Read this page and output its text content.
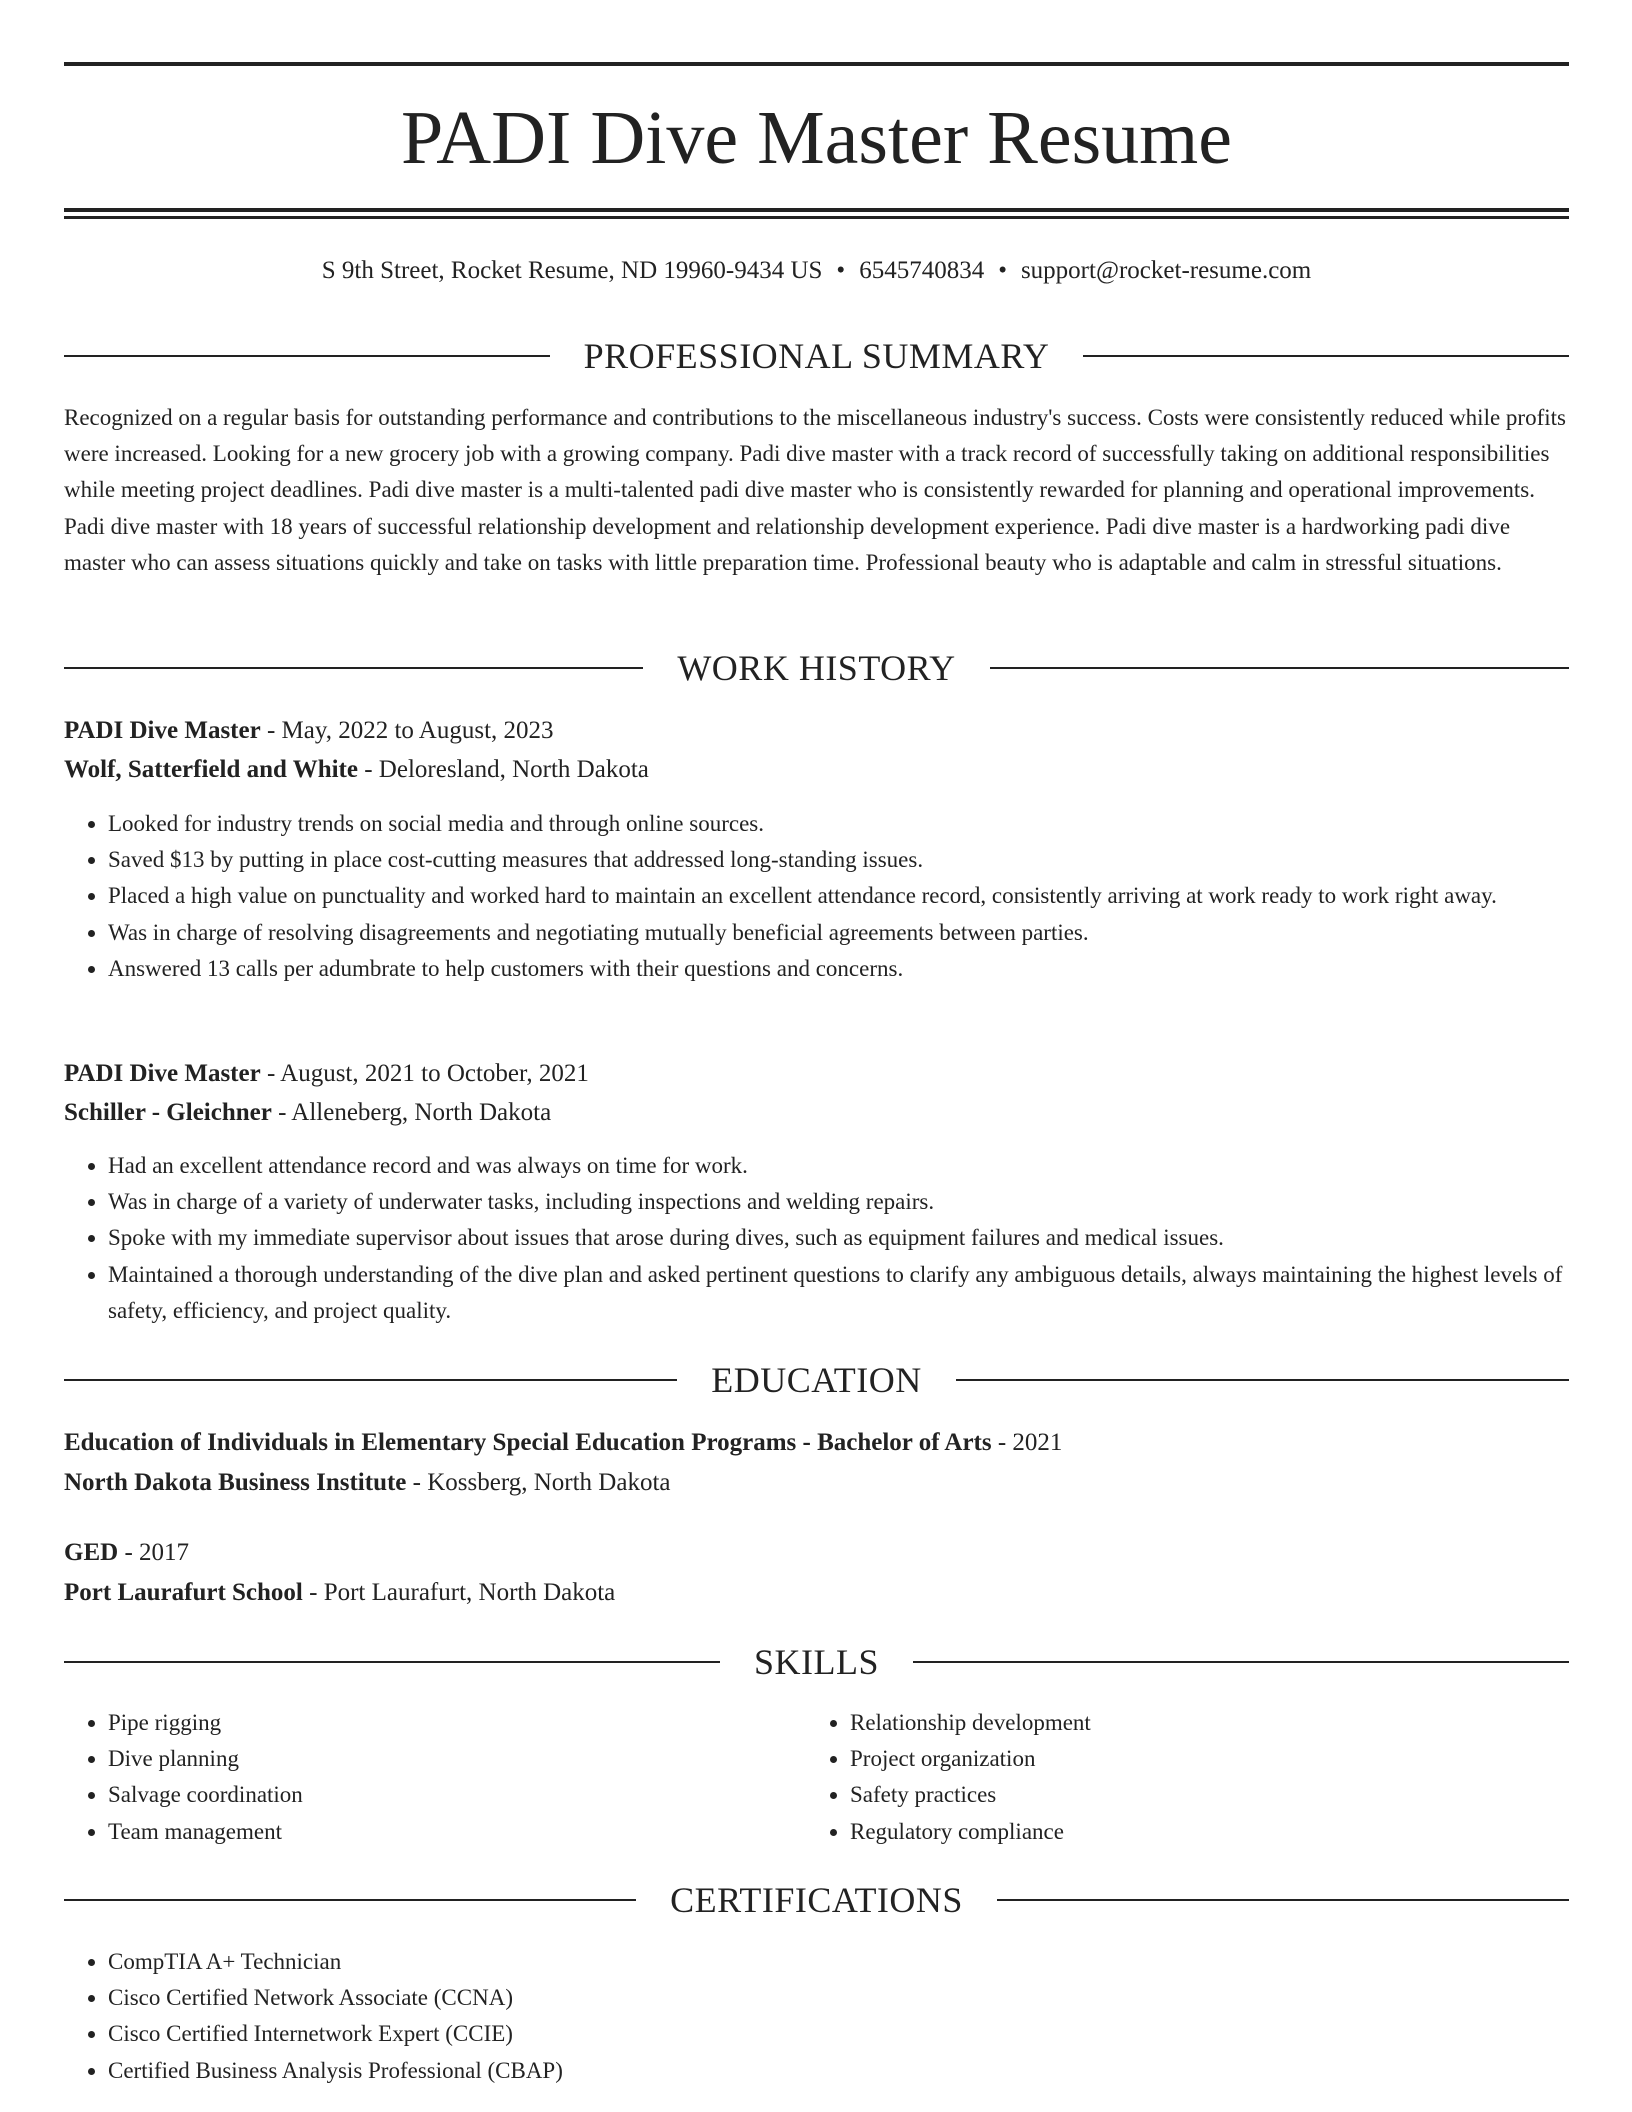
PADI Dive Master Resume
S 9th Street, Rocket Resume, ND 19960-9434 US • 6545740834 • support@rocket-resume.com
PROFESSIONAL SUMMARY

Recognized on a regular basis for outstanding performance and contributions to the miscellaneous industry's success. Costs were consistently reduced while profits were increased. Looking for a new grocery job with a growing company. Padi dive master with a track record of successfully taking on additional responsibilities while meeting project deadlines. Padi dive master is a multi-talented padi dive master who is consistently rewarded for planning and operational improvements. Padi dive master with 18 years of successful relationship development and relationship development experience. Padi dive master is a hardworking padi dive master who can assess situations quickly and take on tasks with little preparation time. Professional beauty who is adaptable and calm in stressful situations.

WORK HISTORY

PADI Dive Master - May, 2022 to August, 2023

Wolf, Satterfield and White - Deloresland, North Dakota

• Looked for industry trends on social media and through online sources.
• Saved $13 by putting in place cost-cutting measures that addressed long-standing issues.
• Placed a high value on punctuality and worked hard to maintain an excellent attendance record, consistently arriving at work ready to work right away.
• Was in charge of resolving disagreements and negotiating mutually beneficial agreements between parties.
• Answered 13 calls per adumbrate to help customers with their questions and concerns.

PADI Dive Master - August, 2021 to October, 2021

Schiller - Gleichner - Alleneberg, North Dakota

• Had an excellent attendance record and was always on time for work.
• Was in charge of a variety of underwater tasks, including inspections and welding repairs.
• Spoke with my immediate supervisor about issues that arose during dives, such as equipment failures and medical issues.
• Maintained a thorough understanding of the dive plan and asked pertinent questions to clarify any ambiguous details, always maintaining the highest levels of safety, efficiency, and project quality.
EDUCATION

Education of Individuals in Elementary Special Education Programs - Bachelor of Arts - 2021

North Dakota Business Institute - Kossberg, North Dakota

GED - 2017

Port Laurafurt School - Port Laurafurt, North Dakota

SKILLS
• Pipe rigging
• Dive planning
• Salvage coordination
• Team management
• Relationship development
• Project organization
• Safety practices
• Regulatory compliance
CERTIFICATIONS
• CompTIA A+ Technician
• Cisco Certified Network Associate (CCNA)
• Cisco Certified Internetwork Expert (CCIE)
• Certified Business Analysis Professional (CBAP)
